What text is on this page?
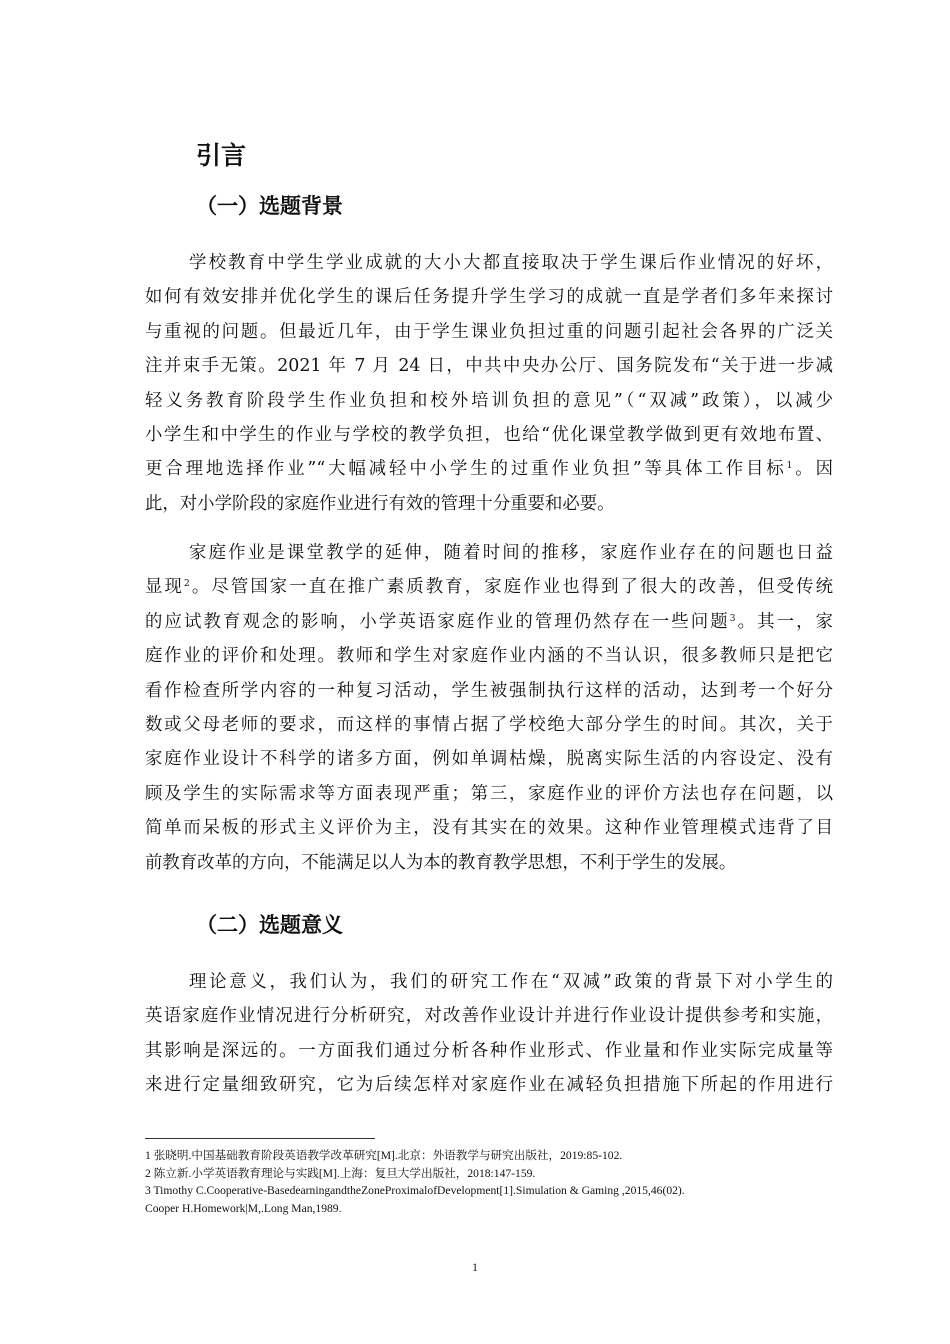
引言
（一）选题背景
学校教育中学生学业成就的大小大都直接取决于学生课后作业情况的好坏，
如何有效安排并优化学生的课后任务提升学生学习的成就一直是学者们多年来探讨
与重视的问题。但最近几年，由于学生课业负担过重的问题引起社会各界的广泛关
注并束手无策。2021 年 7 月 24 日，中共中央办公厅、国务院发布“关于进一步减
轻义务教育阶段学生作业负担和校外培训负担的意见”（“双减”政策），以减少
小学生和中学生的作业与学校的教学负担，也给“优化课堂教学做到更有效地布置、
更合理地选择作业”“大幅减轻中小学生的过重作业负担”等具体工作目标$^1$。因
此，对小学阶段的家庭作业进行有效的管理十分重要和必要。
家庭作业是课堂教学的延伸，随着时间的推移，家庭作业存在的问题也日益
显现$^2$。尽管国家一直在推广素质教育，家庭作业也得到了很大的改善，但受传统
的应试教育观念的影响，小学英语家庭作业的管理仍然存在一些问题$^3$。其一，家
庭作业的评价和处理。教师和学生对家庭作业内涵的不当认识，很多教师只是把它
看作检查所学内容的一种复习活动，学生被强制执行这样的活动，达到考一个好分
数或父母老师的要求，而这样的事情占据了学校绝大部分学生的时间。其次，关于
家庭作业设计不科学的诸多方面，例如单调枯燥，脱离实际生活的内容设定、没有
顾及学生的实际需求等方面表现严重；第三，家庭作业的评价方法也存在问题，以
简单而呆板的形式主义评价为主，没有其实在的效果。这种作业管理模式违背了目
前教育改革的方向，不能满足以人为本的教育教学思想，不利于学生的发展。
（二）选题意义
理论意义，我们认为，我们的研究工作在“双减”政策的背景下对小学生的
英语家庭作业情况进行分析研究，对改善作业设计并进行作业设计提供参考和实施，
其影响是深远的。一方面我们通过分析各种作业形式、作业量和作业实际完成量等
来进行定量细致研究，它为后续怎样对家庭作业在减轻负担措施下所起的作用进行
1 张晓明.中国基础教育阶段英语教学改革研究[M].北京：外语教学与研究出版社，2019:85-102.
2 陈立新.小学英语教育理论与实践[M].上海：复旦大学出版社，2018:147-159.
3 Timothy C.Cooperative-BasedearningandtheZoneProximalofDevelopment[1].Simulation & Gaming ,2015,46(02).
Cooper H.Homework|M,.Long Man,1989.
1
